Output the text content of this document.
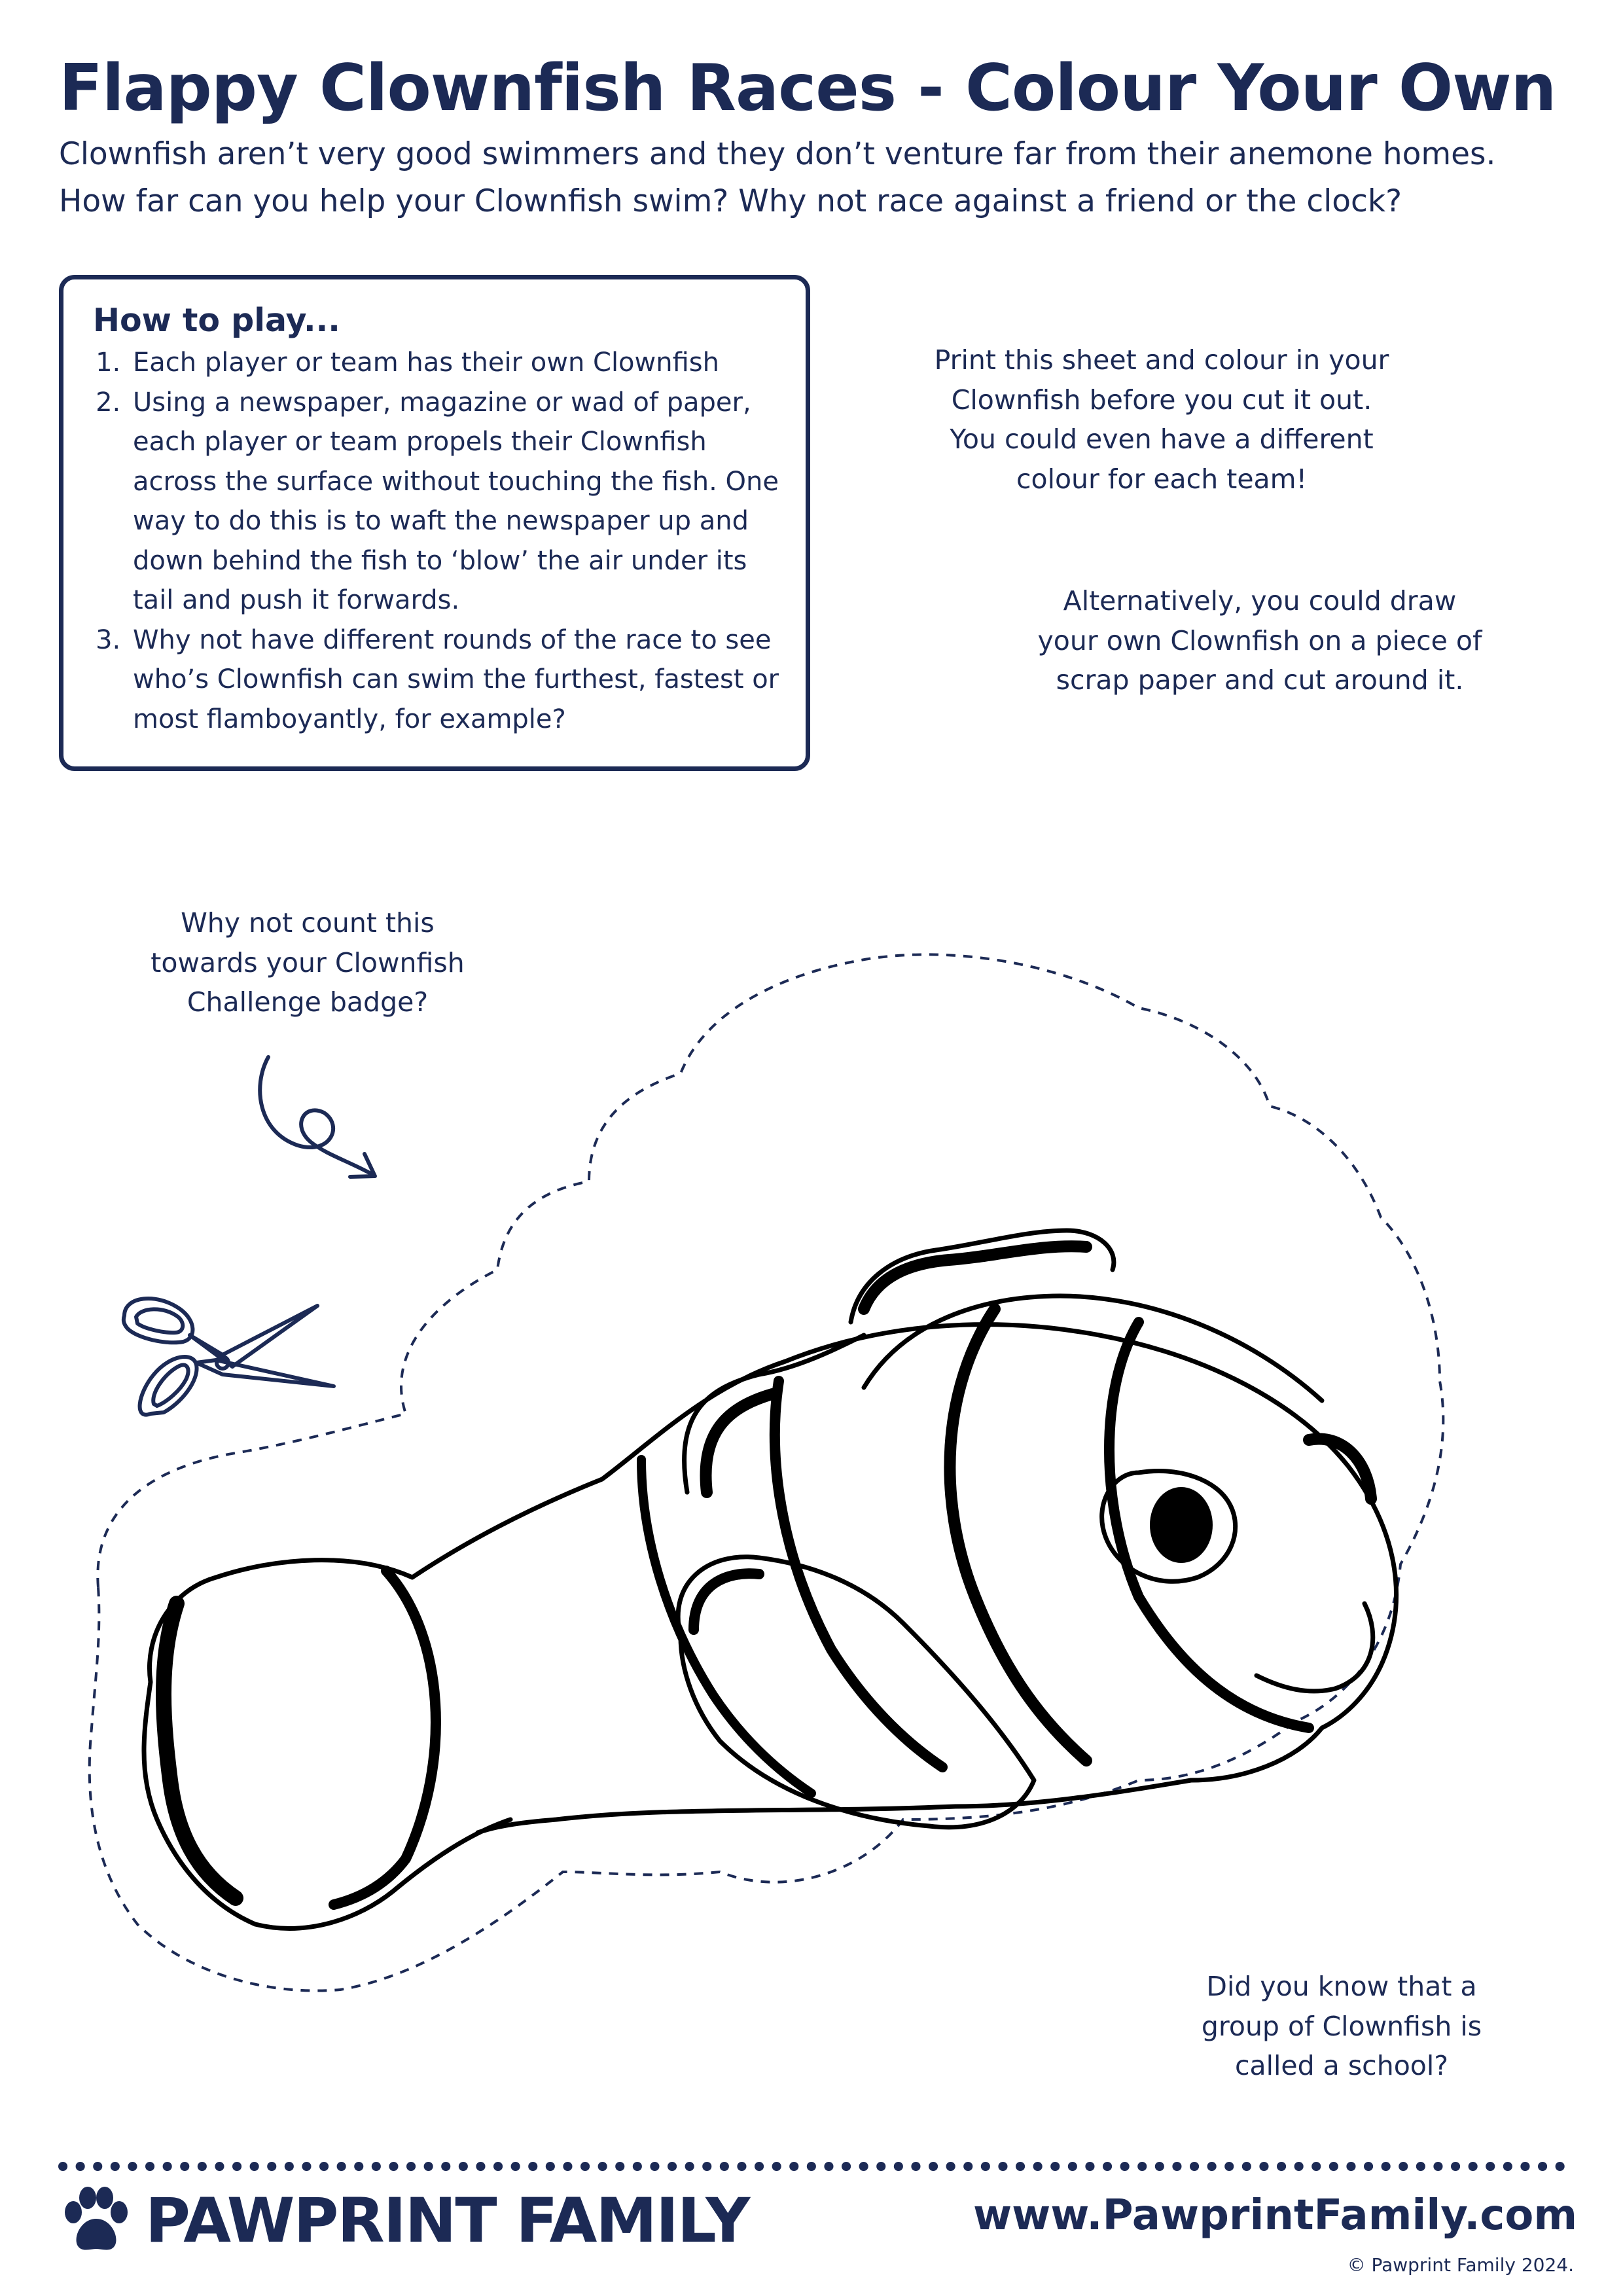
Flappy Clownfish Races - Colour Your Own

Clownfish aren’t very good swimmers and they don’t venture far from their anemone homes.

How far can you help your Clownfish swim? Why not race against a friend or the clock?

How to play...
1. Each player or team has their own Clownfish
2. Using a newspaper, magazine or wad of paper, each player or team propels their Clownfish across the surface without touching the fish. One way to do this is to waft the newspaper up and down behind the fish to ‘blow’ the air under its tail and push it forwards.
3. Why not have different rounds of the race to see who’s Clownfish can swim the furthest, fastest or most flamboyantly, for example?

Print this sheet and colour in your

Clownfish before you cut it out.

You could even have a different

colour for each team!

Alternatively, you could draw

your own Clownfish on a piece of

scrap paper and cut around it.

Why not count this

towards your Clownfish

Challenge badge?

Did you know that a

group of Clownfish is

called a school?

PAWPRINT FAMILY	www.PawprintFamily.com
© Pawprint Family 2024.
